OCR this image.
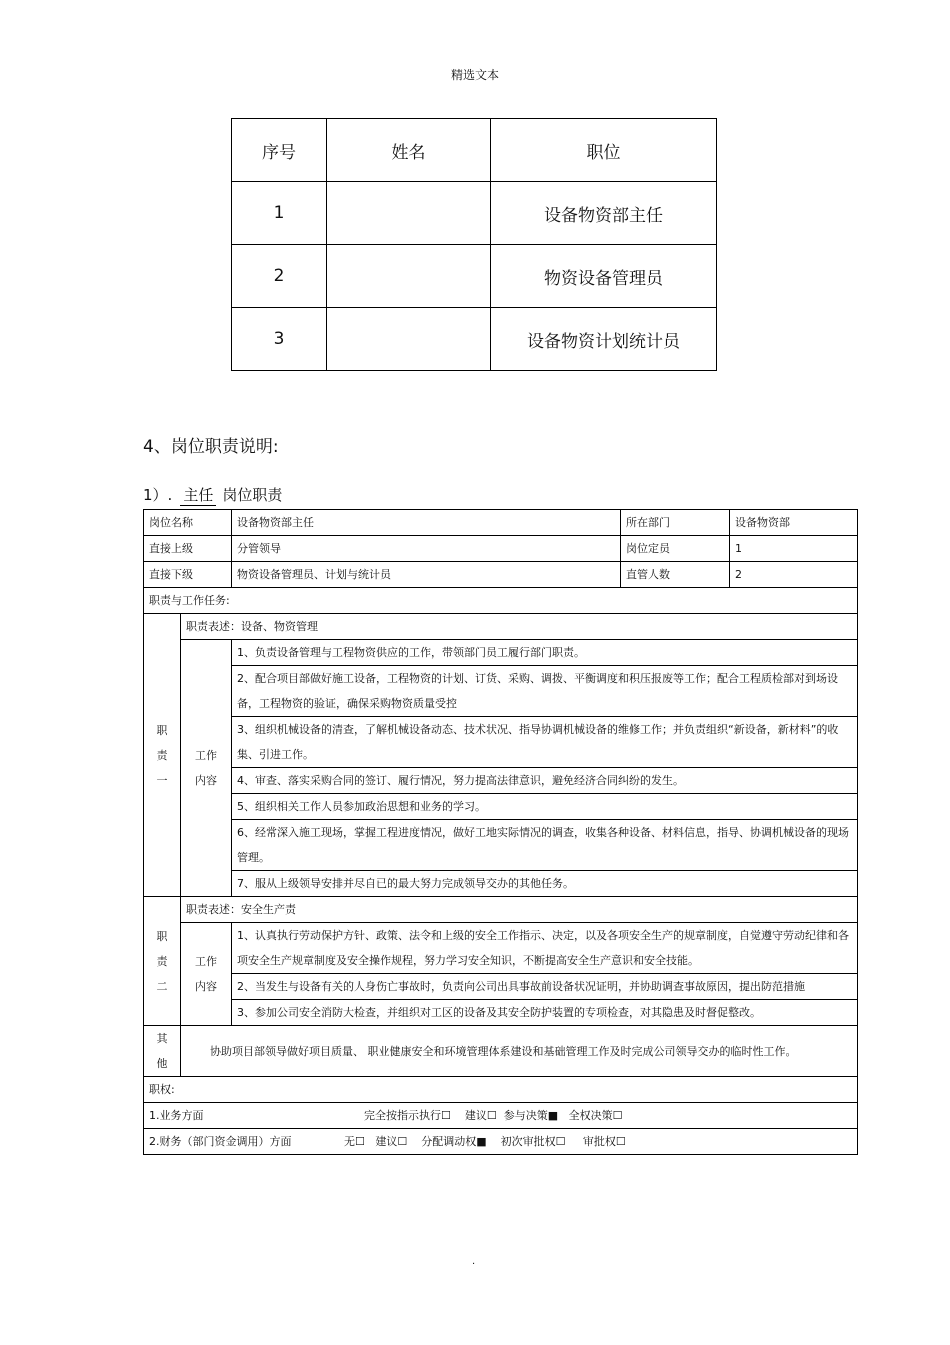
精选文本
序号	姓名	职位
1		设备物资部主任
2		物资设备管理员
3		设备物资计划统计员
4、岗位职责说明:
1）. 主任 岗位职责
岗位名称		设备物资部主任	所在部门	设备物资部
直接上级		分管领导	岗位定员	1
直接下级		物资设备管理员、计划与统计员	直管人数	2
职责与工作任务:				

职
责
一	职责表述：设备、物资管理			

	工作
内容	1、负责设备管理与工程物资供应的工作，带领部门员工履行部门职责。		
		2、配合项目部做好施工设备，工程物资的计划、订货、采购、调拨、平衡调度和积压报废等工作；配合工程质检部对到场设备，工程物资的验证，确保采购物资质量受控		
		3、组织机械设备的清查，了解机械设备动态、技术状况、指导协调机械设备的维修工作；并负责组织“新设备，新材料”的收集、引进工作。		
		4、审查、落实采购合同的签订、履行情况，努力提高法律意识，避免经济合同纠纷的发生。		
		5、组织相关工作人员参加政治思想和业务的学习。		
		6、经常深入施工现场，掌握工程进度情况，做好工地实际情况的调查，收集各种设备、材料信息，指导、协调机械设备的现场管理。		
		7、服从上级领导安排并尽自已的最大努力完成领导交办的其他任务。		

职
责
二	职责表述：安全生产责			

	工作
内容	1、认真执行劳动保护方针、政策、法令和上级的安全工作指示、决定，以及各项安全生产的规章制度，自觉遵守劳动纪律和各项安全生产规章制度及安全操作规程，努力学习安全知识，不断提高安全生产意识和安全技能。		
		2、当发生与设备有关的人身伤亡事故时，负责向公司出具事故前设备状况证明，并协助调查事故原因，提出防范措施		
		3、参加公司安全消防大检查，并组织对工区的设备及其安全防护装置的专项检查，对其隐患及时督促整改。		

其
他	协助项目部领导做好项目质量、 职业健康安全和环境管理体系建设和基础管理工作及时完成公司领导交办的临时性工作。			
职权:				
1.业务方面 完全按指示执行☐    建议☐  参与决策■   全权决策☐				
2.财务（部门资金调用）方面 无☐   建议☐    分配调动权■    初次审批权☐     审批权☐				
.
